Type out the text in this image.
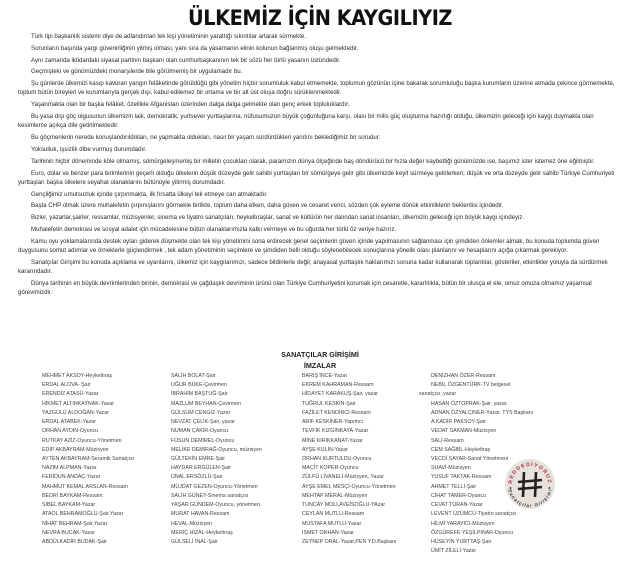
ÜLKEMİZ İÇİN KAYGILIYIZ

Türk tipi başkanlık sistemi diye de adlandırılan tek kişi yönetiminin yarattığı sıkıntılar artarak sürmekte.

Sorunların başında yargı güvenirliğinin yitmiş olması, yanı sıra da yasamanın elinin kolunun bağlanmış oluşu gelmektedir.

Aynı zamanda iktidardaki siyasal partinin başkanı olan cumhurbaşkanının tek bir sözü her türlü yasanın üstündedir.

Geçmişteki ve günümüzdeki monarşilerde bile görülmemiş bir uygulamadır bu.

Şu günlerde ülkemizi kasıp kavuran yangın felâketinde görüldüğü gibi yönetim hiçbir sorumluluk kabul etmemekte, toplumun gözünün içine bakarak sorumluluğu başka kurumların üzerine atmada çekince görmemekte, toplum bütün bireyleri ve kurumlarıyla gerçek dışı, kabul edilemez bir ortama ve bir alt üst oluşa doğru sürüklenmektedir.

Yaşanmakta olan bir başka felâket, özellikle Afganistan üzerinden dalga dalga gelmekte olan genç erkek topluluklardır.

Bu yasa dışı göç olgusunun ülkemizin laik, demokratik, yurtsever yurttaşlarına, nüfusumuzun büyük çoğunluğuna karşı, olası bir milis güç oluşturma hazırlığı olduğu, ülkemizin geleceği için kaygı duymakta olan kesimlerce açıkça dile getirilmektedir.

Bu göçmenlerin nerede konuşlandırıldıkları, ne yapmakta oldukları, nasıl bir yaşam sürdürdükleri yanıtını beklediğimiz bir sorudur.

Yoksulluk, işsizlik dibe vurmuş durumdadır.

Tarihinin hiçbir döneminde köle olmamış, sömürgeleşmemiş bir milletin çocukları olarak, paramızın dünya ölçeğinde baş döndürücü bir hızla değer kaybettiği günümüzde ise, başımız ister istemez öne eğilmiştir.

Euro, dolar ve benzer para birimlerinin geçerli olduğu ülkelerin düşük düzeyde gelir sahibi yurttaşları bir sömürgeye gelir gibi ülkemizde keyif sürmeye gelirlerken; düşük ve orta düzeyde gelir sahibi Türkiye Cumhuriyeti yurttaşları başka ülkelere seyahat olanaklarını bütünüyle yitirmiş durumdadır.

Gençliğimiz umutsuzluk içinde çırpınmakta, ilk fırsatta ülkeyi tek etmeye can atmaktadır.

Başta CHP olmak üzere muhalefetin çırpınışlarını görmekle birlikte, toplum daha etken, daha güven ve cesaret verici, sözden çok eyleme dönük etkinliklerin beklentisi içindedir.

Bizler, yazarlar,şairler, ressamlar, müzisyenler, sinema ve tiyatro sanatçıları, heykeltıraşlar, sanat ve kültürün her dalından sanat insanları, ülkemizin geleceği için büyük kaygı içindeyiz.

Muhalefetin demokrasi ve sosyal adalet için mücadelesine bütün olanaklarımızla katkı vermeye ve bu uğurda her türlü öz veriye hazırız.

Kamu oyu yoklamalarında destek oyları giderek düşmekte olan tek kişi yönetimini sona erdirecek genel seçimlerin güven içinde yapılmasının sağlanması için şimdiden önlemler almak, bu konuda toplumda güven duygusunu somut adımlar ve örneklerle güçlendirmek , tek adam yönetiminin seçimlere ve şimdiden belli olduğu söylenebilecek sonuçlarına yönelik olası planlarını ve hesaplarını açığa çıkarmak gerekiyor.

Sanatçılar Girişimi bu konuda açıklama ve uyarılarını, ülkemiz için kaygılarımızı, sadece bildirilerle değil; anayasal yurttaşlık haklarımızı sonuna kadar kullanarak toplantılar, gösteriler, etkinlikler yoluyla da sürdürmek kararındadır.

Dünya tarihinin en büyük devrimlerinden birinin, demokrasi ve çağdaşlık devriminin ürünü olan Türkiye Cumhuriyetini korumak için cesaretle, kararlılıkla, bütün bir ulusça el ele, omuz omuza olmamız yaşamsal görevimizdir.

SANATÇILAR GİRİŞİMİ
İMZALAR
MEHMET AKSOY-Heykeltıraş
ERDAL ALOVA- Şair
ERENDİZ ATASÜ-Yazar
HİKMET ALTINKAYNAK-Yazar
YAZGÜLÜ ALDOĞAN-Yazar
ERDAL ATABEK-Yazar
ORHAN AYDIN-Oyuncu
RUTKAY AZİZ-Oyuncu-Yönetmen
EDİP AKBAYRAM-Müzisyen
AYTEN AKBAYRAM-Seramik Sanatçısı
NAZIM ALPMAN-Yazar
FERİDUN ANDAÇ-Yazar
MAHMUT KEMAL ARSLAN-Ressam
BEDRİ BAYKAM-Ressam
SİBEL BAYKAM-Yazar
ATAOL BEHRAMOĞLU-Şair,Yazar
NİHAT BEHRAM-Şair,Yazar
NEVRA BUCAK-Yazar
ABDÜLKADİR BUDAK-Şair
SALİH BOLAT-Şair
UĞUR BÜKE-Çevirmen
İBRAHİM BAŞTUĞ-Şair
MAZLUM BEYHAN-Çevirmen
GÜLSÜM CENGİZ-Yazar
NEVZAT ÇELİK-Şair, yazar
NUMAN ÇAKIR-Oyuncu
FÜSUN DEMİREL-Oyuncu
MELİKE DEMİRAĞ-Oyuncu, müzisyen
GÜLTEKİN EMRE-Şair
HAYDAR ERGÜLEN-Şair
ÜNAL ERSÖZLÜ-Şair
MÜJDAT GEZEN-Oyuncu-Yönetmen
SALİH GÜNEY-Sinema sanatçısı
YAŞAR GÜNDEM-Oyuncu, yönetmen.
MURAT HAVAN-Ressam
HEVAL-Müzisyen
MERİÇ HIZAL-Heykeltıraş
GÜLSELİ İNAL-Şair
BARIŞ İNCE-Yazar
EKREM KAHRAMAN-Ressam
HİDAYET KARAKUŞ-Şair, yazar
TUĞRUL KESKİN-Şair
FAZİLET KENDİRCİ-Ressam
ARİF KESKİNER-Yapımcı
TEVFİK KIZGINKAYA-Yazar
MİNE KIRIKKANAT-Yazar
AYŞE KULİN-Yazar
ORHAN KURTULDU-Oyuncu
MACİT KOPER-Oyuncu
ZÜLFÜ LİVANELİ-Müzisyen, Yazar
AYŞE EMEL MESÇİ-Oyuncu-Yönetmen
MEHTAP MERAL-Müzisyen
TUNCAY MOLLAVEİSOĞLU-YAzar
CEYLAN MUTLU-Ressam
MUSTAFA MUTLU-Yazar
İSMET ORHAN-Yazar
ZEYNEP ORAL-Yazar,PEN Y.D.Başkanı
DENİZHAN ÖZER-Ressam
NEBİL ÖZGENTÜRK-TV belgesel
sanatçısı, yazar
HASAN ÖZTOPRAK-Şair, yazar.
ADNAN ÖZYALÇINER-Yazar. TYS Başkanı
A.KADİR PAKSOY-Şair
VEDAT SAKMAN-Müzisyen
SALİ-Ressam
CEM SAĞBİL-Heykeltraş
VECDİ SAYAR-Sanat Yönetmeni
SUAVİ-Müzisyen
YUSUF TAKTAK-Ressam
AHMET TELLİ-Şair
CİHAT TAMER-Oyuncu
CEVAT TURAN-Yazar
LEVENT ÜZÜMCÜ-Tiyatro sanatçısı
HİLMİ YARAYICI-Müzisyen
ÖZGÜREFE YEŞİLPINAR-Oyuncu
HÜSEYİN YURTTAŞ-Şair
ÜMİT ZİLELİ-Yazar
REDDEDİYORUZ
Sanatçılar Girişimi
